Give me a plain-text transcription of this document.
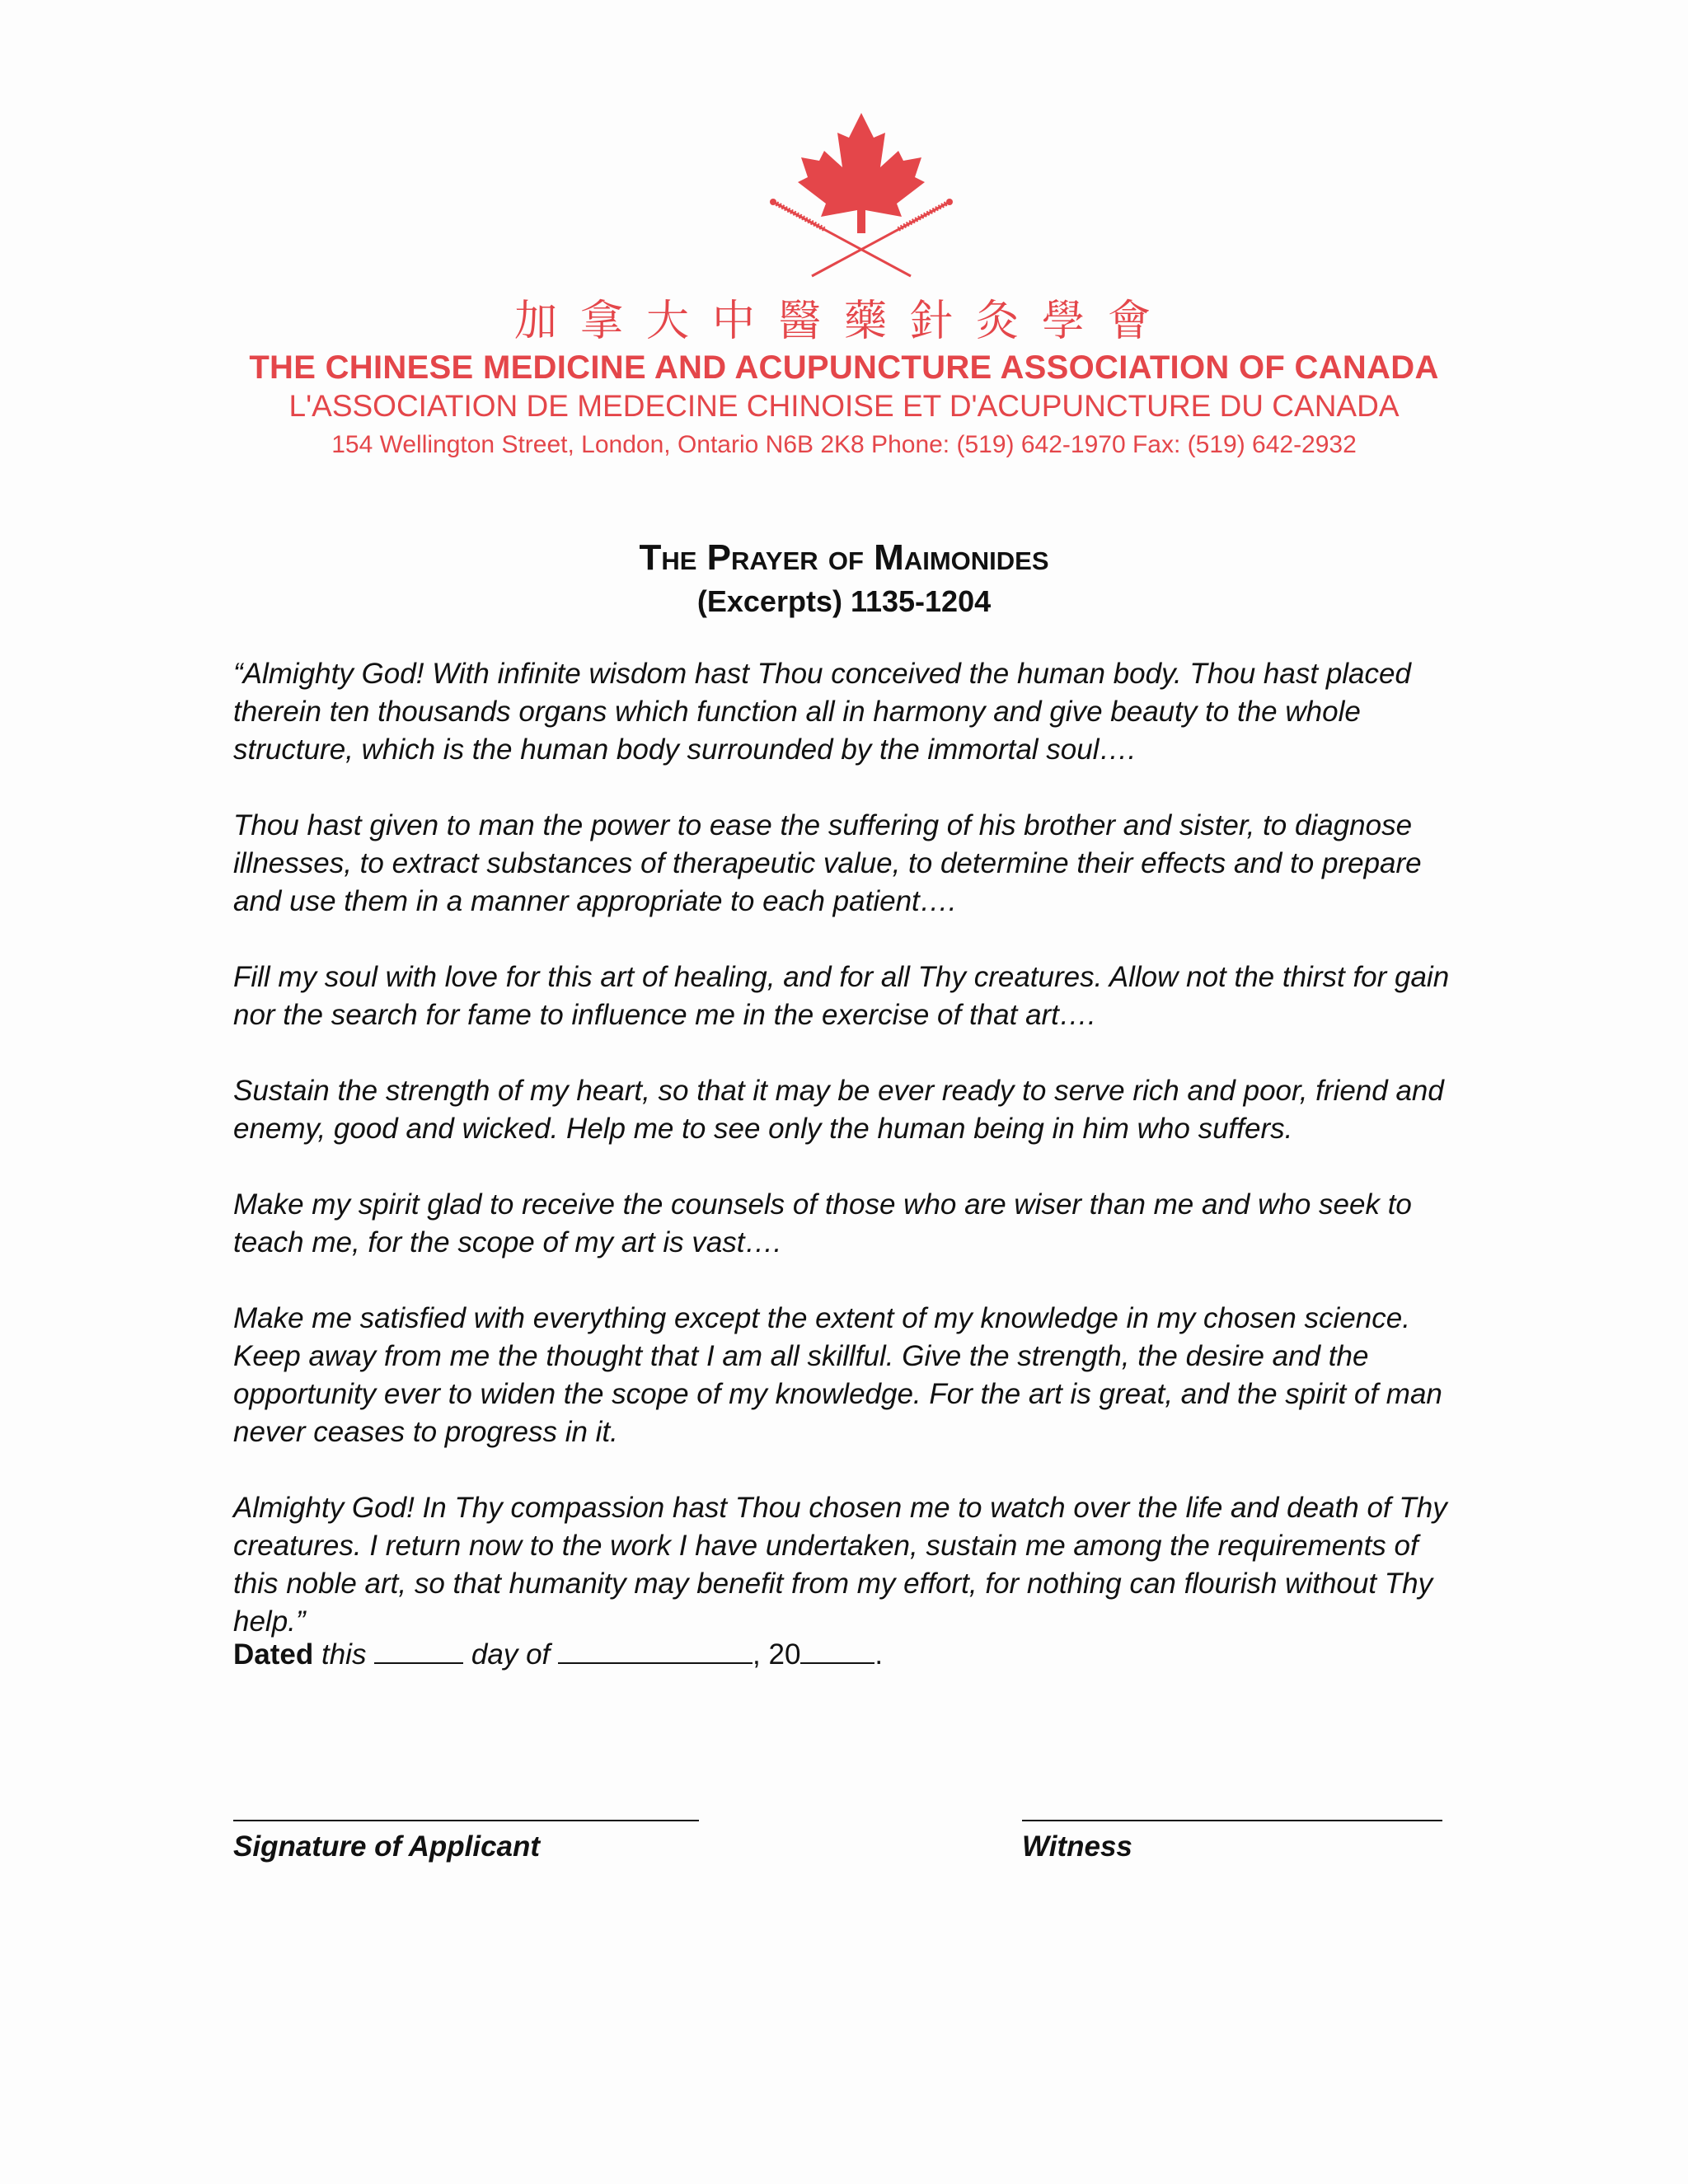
加拿大中醫藥針灸學會
THE CHINESE MEDICINE AND ACUPUNCTURE ASSOCIATION OF CANADA
L'ASSOCIATION DE MEDECINE CHINOISE ET D'ACUPUNCTURE DU CANADA
154 Wellington Street, London, Ontario N6B 2K8 Phone: (519) 642-1970 Fax: (519) 642-2932
The Prayer of Maimonides
(Excerpts) 1135-1204

“Almighty God! With infinite wisdom hast Thou conceived the human body. Thou hast placed therein ten thousands organs which function all in harmony and give beauty to the whole structure, which is the human body surrounded by the immortal soul….

Thou hast given to man the power to ease the suffering of his brother and sister, to diagnose illnesses, to extract substances of therapeutic value, to determine their effects and to prepare and use them in a manner appropriate to each patient….

Fill my soul with love for this art of healing, and for all Thy creatures. Allow not the thirst for gain nor the search for fame to influence me in the exercise of that art….

Sustain the strength of my heart, so that it may be ever ready to serve rich and poor, friend and enemy, good and wicked. Help me to see only the human being in him who suffers.

Make my spirit glad to receive the counsels of those who are wiser than me and who seek to teach me, for the scope of my art is vast….

Make me satisfied with everything except the extent of my knowledge in my chosen science. Keep away from me the thought that I am all skillful. Give the strength, the desire and the opportunity ever to widen the scope of my knowledge. For the art is great, and the spirit of man never ceases to progress in it.

Almighty God! In Thy compassion hast Thou chosen me to watch over the life and death of Thy creatures. I return now to the work I have undertaken, sustain me among the requirements of this noble art, so that humanity may benefit from my effort, for nothing can flourish without Thy help.”

Dated this	day of	, 20	.
Signature of Applicant	Witness
